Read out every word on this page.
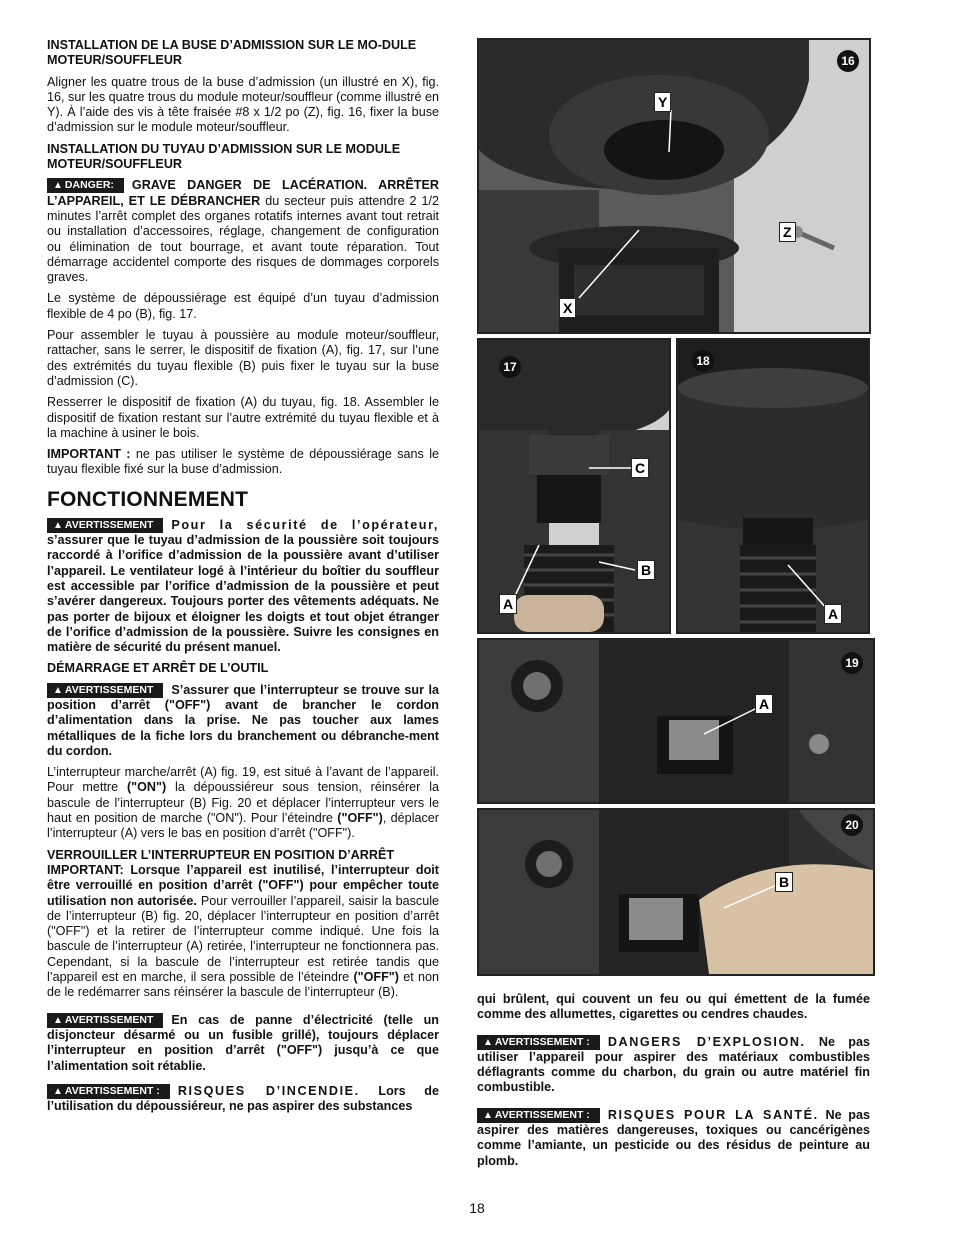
INSTALLATION DE LA BUSE D’ADMISSION SUR LE MO-DULE MOTEUR/SOUFFLEUR

Aligner les quatre trous de la buse d’admission (un illustré en X), fig. 16, sur les quatre trous du module moteur/souffleur (comme illustré en Y). À l’aide des vis à tête fraisée #8 x 1/2 po (Z), fig. 16, fixer la buse d’admission sur le module moteur/souffleur.

INSTALLATION DU TUYAU D’ADMISSION SUR LE MODULE MOTEUR/SOUFFLEUR

▲ DANGER: GRAVE DANGER DE LACÉRATION. ARRÊTER L’APPAREIL, ET LE DÉBRANCHER du secteur puis attendre 2 1/2 minutes l’arrêt complet des organes rotatifs internes avant tout retrait ou installation d’accessoires, réglage, changement de configuration ou élimination de tout bourrage, et avant toute réparation. Tout démarrage accidentel comporte des risques de dommages corporels graves.

Le système de dépoussiérage est équipé d’un tuyau d’admission flexible de 4 po (B), fig. 17.

Pour assembler le tuyau à poussière au module moteur/souffleur, rattacher, sans le serrer, le dispositif de fixation (A), fig. 17, sur l’une des extrémités du tuyau flexible (B) puis fixer le tuyau sur la buse d’admission (C).

Resserrer le dispositif de fixation (A) du tuyau, fig. 18. Assembler le dispositif de fixation restant sur l’autre extrémité du tuyau flexible et à la machine à usiner le bois.

IMPORTANT : ne pas utiliser le système de dépoussiérage sans le tuyau flexible fixé sur la buse d’admission.

FONCTIONNEMENT

▲ AVERTISSEMENT Pour la sécurité de l’opérateur, s’assurer que le tuyau d’admission de la poussière soit toujours raccordé à l’orifice d’admission de la poussière avant d’utiliser l’appareil. Le ventilateur logé à l’intérieur du boîtier du souffleur est accessible par l’orifice d’admission de la poussière et peut s’avérer dangereux. Toujours porter des vêtements adéquats. Ne pas porter de bijoux et éloigner les doigts et tout objet étranger de l’orifice d’admission de la poussière. Suivre les consignes en matière de sécurité du présent manuel.

DÉMARRAGE ET ARRÊT DE L’OUTIL

▲ AVERTISSEMENT S’assurer que l’interrupteur se trouve sur la position d’arrêt ("OFF") avant de brancher le cordon d’alimentation dans la prise. Ne pas toucher aux lames métalliques de la fiche lors du branchement ou débranche-ment du cordon.

L’interrupteur marche/arrêt (A) fig. 19, est situé à l’avant de l’appareil. Pour mettre ("ON") la dépoussiéreur sous tension, réinsérer la bascule de l’interrupteur (B) Fig. 20 et déplacer l’interrupteur vers le haut en position de marche ("ON"). Pour l’éteindre ("OFF"), déplacer l’interrupteur (A) vers le bas en position d’arrêt ("OFF").

VERROUILLER L’INTERRUPTEUR EN POSITION D’ARRÊT

IMPORTANT: Lorsque l’appareil est inutilisé, l’interrupteur doit être verrouillé en position d’arrêt ("OFF") pour empêcher toute utilisation non autorisée. Pour verrouiller l’appareil, saisir la bascule de l’interrupteur (B) fig. 20, déplacer l’interrupteur en position d’arrêt ("OFF") et la retirer de l’interrupteur comme indiqué. Une fois la bascule de l’interrupteur (A) retirée, l’interrupteur ne fonctionnera pas. Cependant, si la bascule de l’interrupteur est retirée tandis que l’appareil est en marche, il sera possible de l’éteindre ("OFF") et non de le redémarrer sans réinsérer la bascule de l’interrupteur (B).

▲ AVERTISSEMENT En cas de panne d’électricité (telle un disjoncteur désarmé ou un fusible grillé), toujours déplacer l’interrupteur en position d’arrêt ("OFF") jusqu’à ce que l’alimentation soit rétablie.

▲ AVERTISSEMENT : RISQUES D’INCENDIE. Lors de l’utilisation du dépoussiéreur, ne pas aspirer des substances

16
Y
Z
X
17
C
B
A
18
A
19
A
20
B

qui brûlent, qui couvent un feu ou qui émettent de la fumée comme des allumettes, cigarettes ou cendres chaudes.

▲ AVERTISSEMENT : DANGERS D’EXPLOSION. Ne pas utiliser l’appareil pour aspirer des matériaux combustibles déflagrants comme du charbon, du grain ou autre matériel fin combustible.

▲ AVERTISSEMENT : RISQUES POUR LA SANTÉ. Ne pas aspirer des matières dangereuses, toxiques ou cancérigènes comme l’amiante, un pesticide ou des résidus de peinture au plomb.

18
